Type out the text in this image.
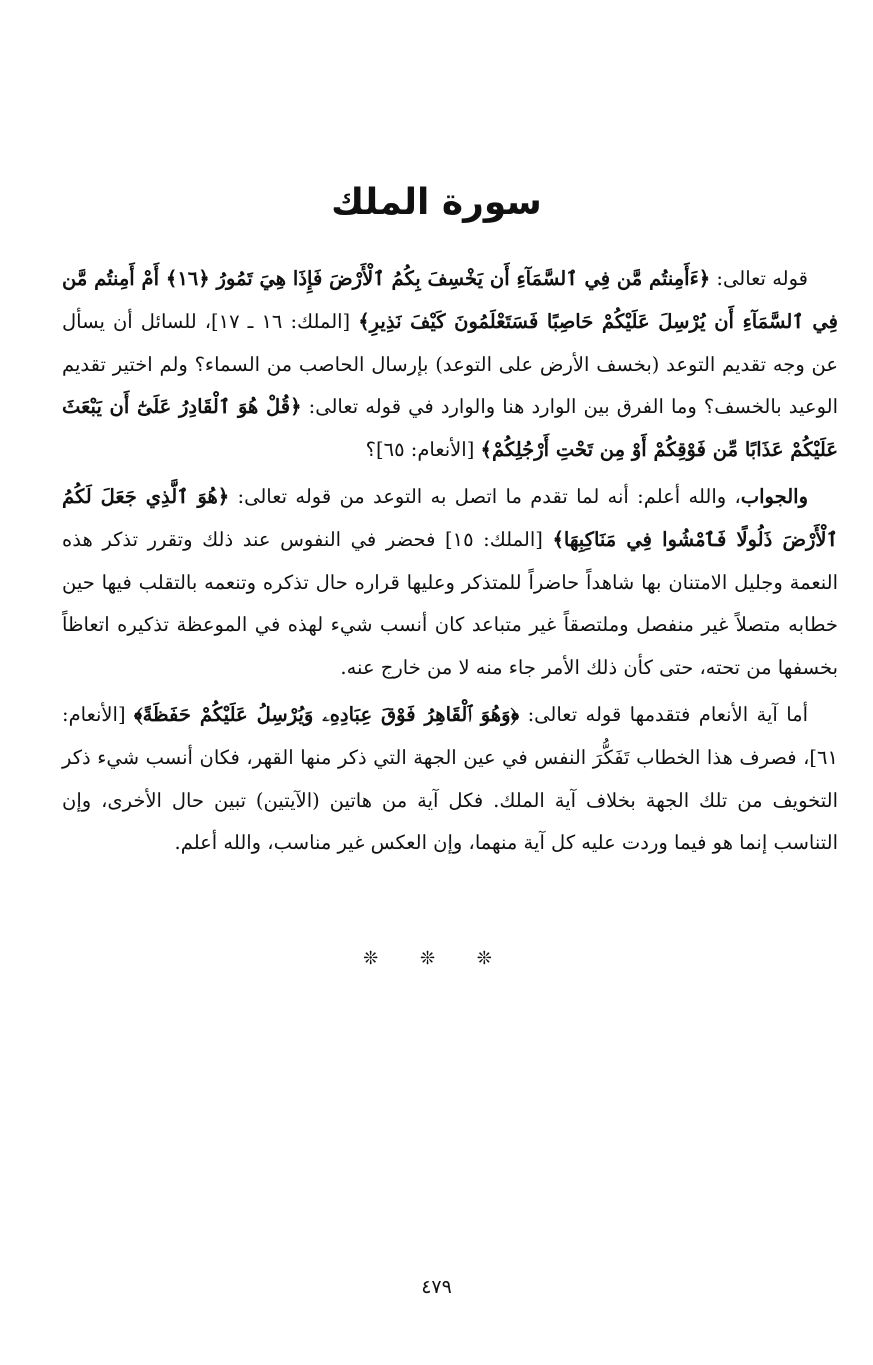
سورة الملك

قوله تعالى: ﴿ءَأَمِنتُم مَّن فِي ٱلسَّمَآءِ أَن يَخْسِفَ بِكُمُ ٱلْأَرْضَ فَإِذَا هِيَ تَمُورُ ﴿١٦﴾ أَمْ أَمِنتُم مَّن فِي ٱلسَّمَآءِ أَن يُرْسِلَ عَلَيْكُمْ حَاصِبًا فَسَتَعْلَمُونَ كَيْفَ نَذِيرِ﴾ [الملك: ١٦ ـ ١٧]، للسائل أن يسأل عن وجه تقديم التوعد (بخسف الأرض على التوعد) بإرسال الحاصب من السماء؟ ولم اختير تقديم الوعيد بالخسف؟ وما الفرق بين الوارد هنا والوارد في قوله تعالى: ﴿قُلْ هُوَ ٱلْقَادِرُ عَلَىٰٓ أَن يَبْعَثَ عَلَيْكُمْ عَذَابًا مِّن فَوْقِكُمْ أَوْ مِن تَحْتِ أَرْجُلِكُمْ﴾ [الأنعام: ٦٥]؟

والجواب، والله أعلم: أنه لما تقدم ما اتصل به التوعد من قوله تعالى: ﴿هُوَ ٱلَّذِي جَعَلَ لَكُمُ ٱلْأَرْضَ ذَلُولًا فَٱمْشُوا فِي مَنَاكِبِهَا﴾ [الملك: ١٥] فحضر في النفوس عند ذلك وتقرر تذكر هذه النعمة وجليل الامتنان بها شاهداً حاضراً للمتذكر وعليها قراره حال تذكره وتنعمه بالتقلب فيها حين خطابه متصلاً غير منفصل وملتصقاً غير متباعد كان أنسب شيء لهذه في الموعظة تذكيره اتعاظاً بخسفها من تحته، حتى كأن ذلك الأمر جاء منه لا من خارج عنه.

أما آية الأنعام فتقدمها قوله تعالى: ﴿وَهُوَ ٱلْقَاهِرُ فَوْقَ عِبَادِهِۦ وَيُرْسِلُ عَلَيْكُمْ حَفَظَةً﴾ [الأنعام: ٦١]، فصرف هذا الخطاب تَفَكُّرَ النفس في عين الجهة التي ذكر منها القهر، فكان أنسب شيء ذكر التخويف من تلك الجهة بخلاف آية الملك. فكل آية من هاتين (الآيتين) تبين حال الأخرى، وإن التناسب إنما هو فيما وردت عليه كل آية منهما، وإن العكس غير مناسب، والله أعلم.

❊ ❊ ❊
٤٧٩
